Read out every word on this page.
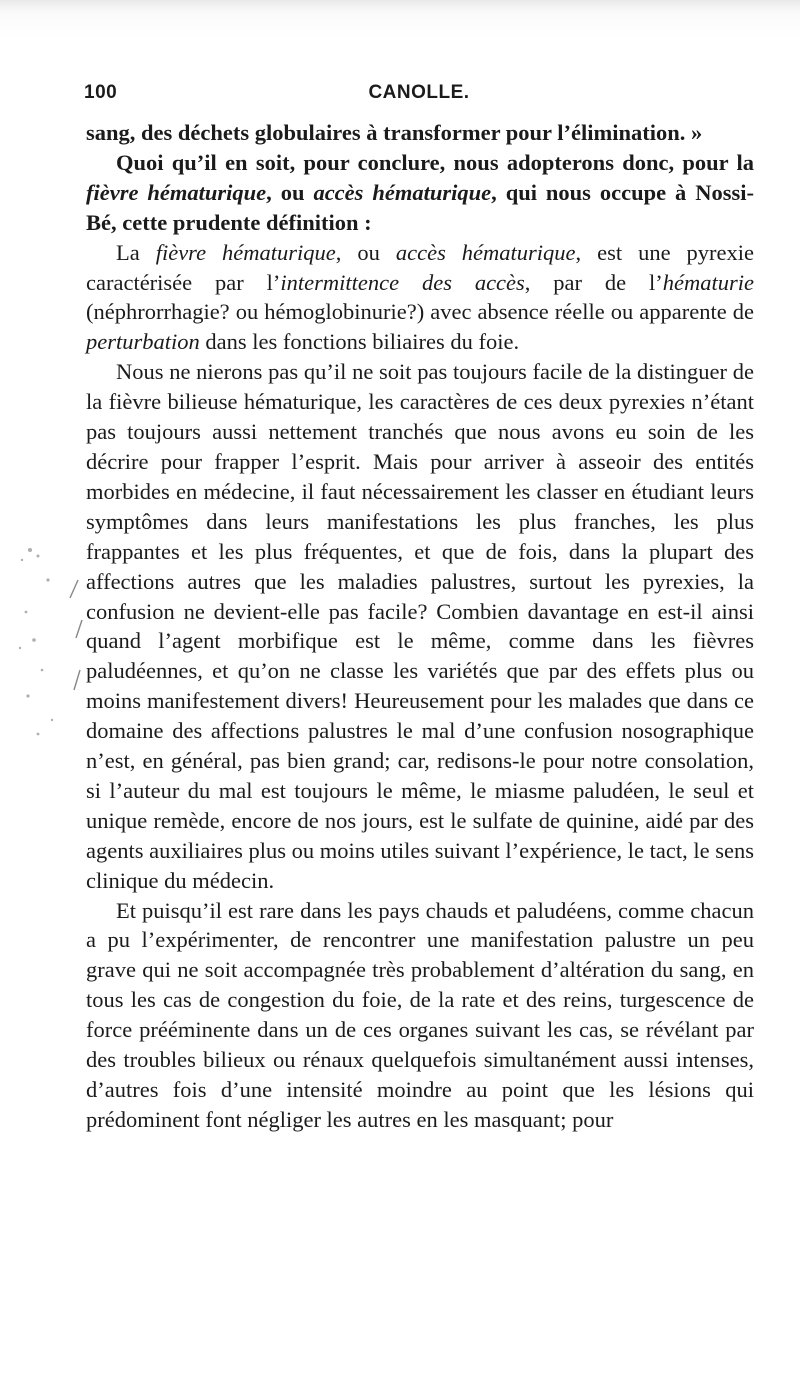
100	CANOLLE.

sang, des déchets globulaires à transformer pour l’élimination. »

Quoi qu’il en soit, pour conclure, nous adopterons donc, pour la fièvre hématurique, ou accès hématurique, qui nous occupe à Nossi-Bé, cette prudente définition :

La fièvre hématurique, ou accès hématurique, est une pyrexie caractérisée par l’intermittence des accès, par de l’hématurie (néphrorrhagie? ou hémoglobinurie?) avec absence réelle ou apparente de perturbation dans les fonctions biliaires du foie.

Nous ne nierons pas qu’il ne soit pas toujours facile de la distinguer de la fièvre bilieuse hématurique, les caractères de ces deux pyrexies n’étant pas toujours aussi nettement tranchés que nous avons eu soin de les décrire pour frapper l’esprit. Mais pour arriver à asseoir des entités morbides en médecine, il faut nécessairement les classer en étudiant leurs symptômes dans leurs manifestations les plus franches, les plus frappantes et les plus fréquentes, et que de fois, dans la plupart des affections autres que les maladies palustres, surtout les pyrexies, la confusion ne devient-elle pas facile? Combien davantage en est-il ainsi quand l’agent morbifique est le même, comme dans les fièvres paludéennes, et qu’on ne classe les variétés que par des effets plus ou moins manifestement divers! Heureusement pour les malades que dans ce domaine des affections palustres le mal d’une confusion nosographique n’est, en général, pas bien grand; car, redisons-le pour notre consolation, si l’auteur du mal est toujours le même, le miasme paludéen, le seul et unique remède, encore de nos jours, est le sulfate de quinine, aidé par des agents auxiliaires plus ou moins utiles suivant l’expérience, le tact, le sens clinique du médecin.

Et puisqu’il est rare dans les pays chauds et paludéens, comme chacun a pu l’expérimenter, de rencontrer une manifestation palustre un peu grave qui ne soit accompagnée très probablement d’altération du sang, en tous les cas de congestion du foie, de la rate et des reins, turgescence de force prééminente dans un de ces organes suivant les cas, se révélant par des troubles bilieux ou rénaux quelquefois simultanément aussi intenses, d’autres fois d’une intensité moindre au point que les lésions qui prédominent font négliger les autres en les masquant; pour
